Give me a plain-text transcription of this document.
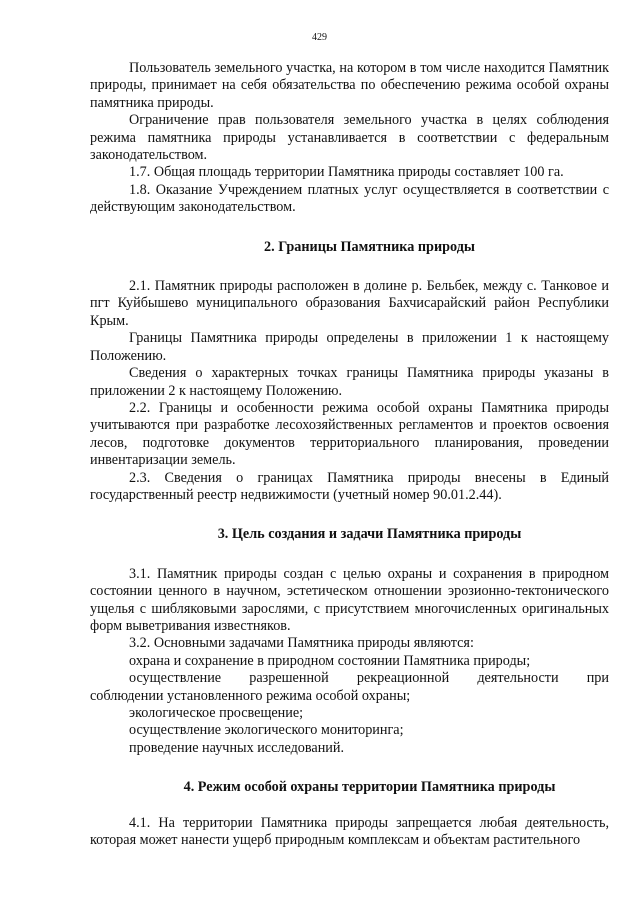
429

Пользователь земельного участка, на котором в том числе находится Памятник природы, принимает на себя обязательства по обеспечению режима особой охраны памятника природы.

Ограничение прав пользователя земельного участка в целях соблюдения режима памятника природы устанавливается в соответствии с федеральным законодательством.

1.7. Общая площадь территории Памятника природы составляет 100 га.

1.8. Оказание Учреждением платных услуг осуществляется в соответствии с действующим законодательством.

2. Границы Памятника природы

2.1. Памятник природы расположен в долине р. Бельбек, между с. Танковое и пгт Куйбышево муниципального образования Бахчисарайский район Республики Крым.

Границы Памятника природы определены в приложении 1 к настоящему Положению.

Сведения о характерных точках границы Памятника природы указаны в приложении 2 к настоящему Положению.

2.2. Границы и особенности режима особой охраны Памятника природы учитываются при разработке лесохозяйственных регламентов и проектов освоения лесов, подготовке документов территориального планирования, проведении инвентаризации земель.

2.3. Сведения о границах Памятника природы внесены в Единый государственный реестр недвижимости (учетный номер 90.01.2.44).

3. Цель создания и задачи Памятника природы

3.1. Памятник природы создан с целью охраны и сохранения в природном состоянии ценного в научном, эстетическом отношении эрозионно-тектонического ущелья с шибляковыми зарослями, с присутствием многочисленных оригинальных форм выветривания известняков.

3.2. Основными задачами Памятника природы являются:

охрана и сохранение в природном состоянии Памятника природы;

осуществление разрешенной рекреационной деятельности при

соблюдении установленного режима особой охраны;

экологическое просвещение;

осуществление экологического мониторинга;

проведение научных исследований.

4. Режим особой охраны территории Памятника природы

4.1. На территории Памятника природы запрещается любая деятельность, которая может нанести ущерб природным комплексам и объектам растительного
